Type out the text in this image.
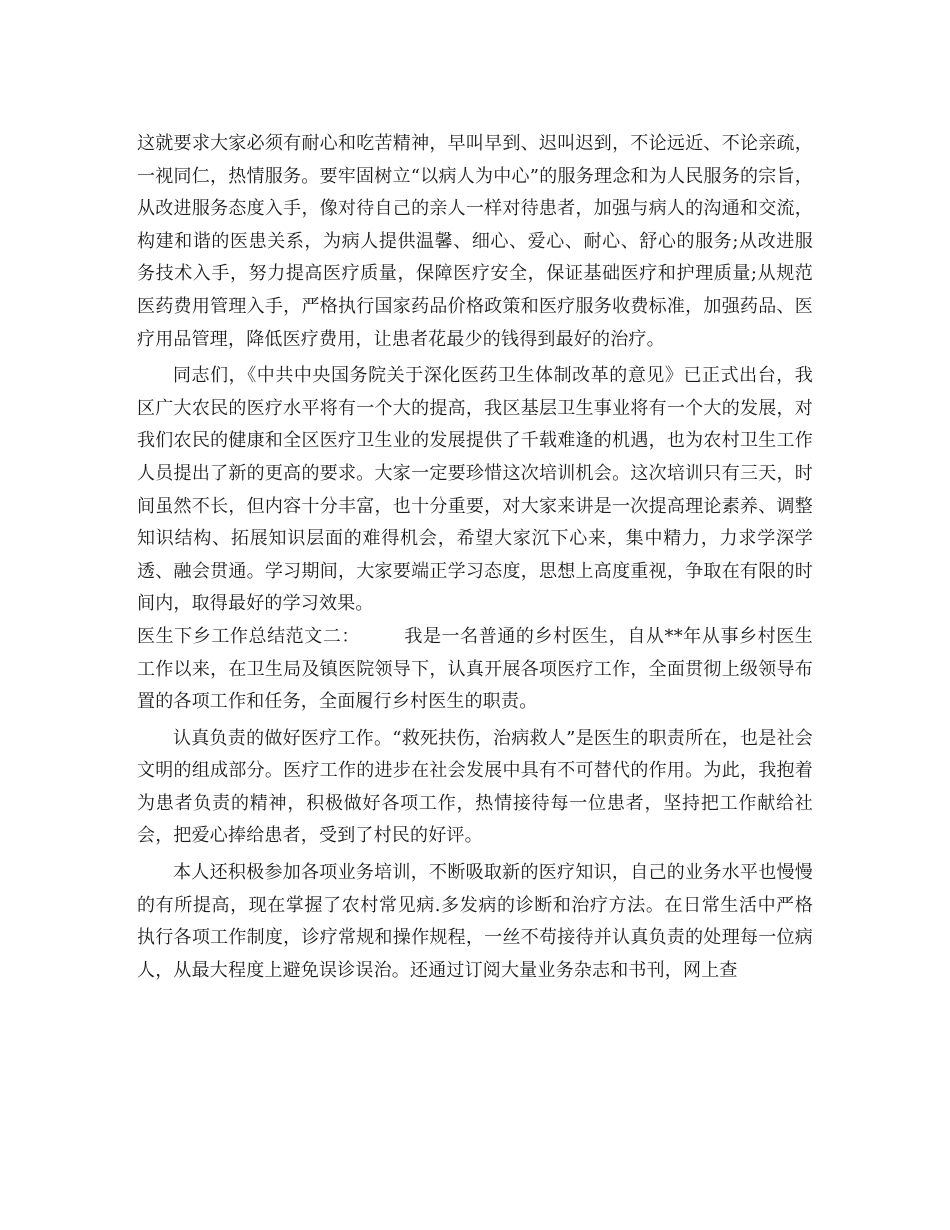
这就要求大家必须有耐心和吃苦精神，早叫早到、迟叫迟到，不论远近、不论亲疏，一视同仁，热情服务。要牢固树立“以病人为中心”的服务理念和为人民服务的宗旨，从改进服务态度入手，像对待自己的亲人一样对待患者，加强与病人的沟通和交流，构建和谐的医患关系，为病人提供温馨、细心、爱心、耐心、舒心的服务;从改进服务技术入手，努力提高医疗质量，保障医疗安全，保证基础医疗和护理质量;从规范医药费用管理入手，严格执行国家药品价格政策和医疗服务收费标准，加强药品、医疗用品管理，降低医疗费用，让患者花最少的钱得到最好的治疗。

同志们，《中共中央国务院关于深化医药卫生体制改革的意见》已正式出台，我区广大农民的医疗水平将有一个大的提高，我区基层卫生事业将有一个大的发展，对我们农民的健康和全区医疗卫生业的发展提供了千载难逢的机遇，也为农村卫生工作人员提出了新的更高的要求。大家一定要珍惜这次培训机会。这次培训只有三天，时间虽然不长，但内容十分丰富，也十分重要，对大家来讲是一次提高理论素养、调整知识结构、拓展知识层面的难得机会，希望大家沉下心来，集中精力，力求学深学透、融会贯通。学习期间，大家要端正学习态度，思想上高度重视，争取在有限的时间内，取得最好的学习效果。

医生下乡工作总结范文二： 我是一名普通的乡村医生，自从**年从事乡村医生工作以来，在卫生局及镇医院领导下，认真开展各项医疗工作，全面贯彻上级领导布置的各项工作和任务，全面履行乡村医生的职责。

认真负责的做好医疗工作。“救死扶伤，治病救人”是医生的职责所在，也是社会文明的组成部分。医疗工作的进步在社会发展中具有不可替代的作用。为此，我抱着为患者负责的精神，积极做好各项工作，热情接待每一位患者，坚持把工作献给社会，把爱心捧给患者，受到了村民的好评。

本人还积极参加各项业务培训，不断吸取新的医疗知识，自己的业务水平也慢慢的有所提高，现在掌握了农村常见病.多发病的诊断和治疗方法。在日常生活中严格执行各项工作制度，诊疗常规和操作规程，一丝不苟接待并认真负责的处理每一位病人，从最大程度上避免误诊误治。还通过订阅大量业务杂志和书刊，网上查
